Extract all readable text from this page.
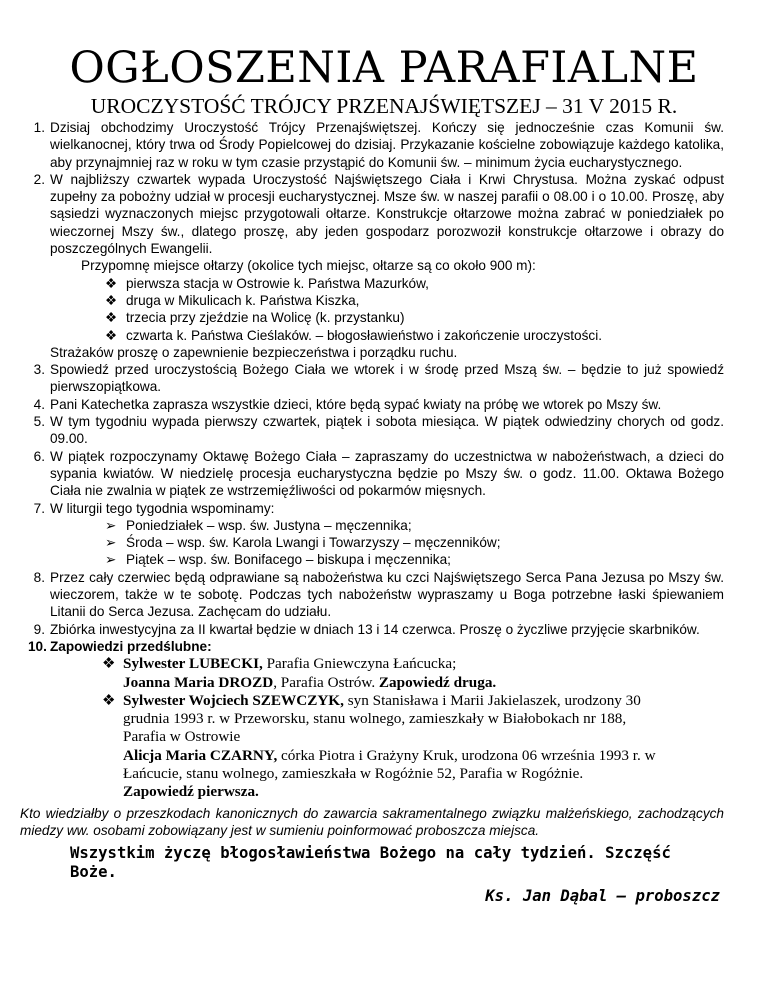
OGŁOSZENIA PARAFIALNE
UROCZYSTOŚĆ TRÓJCY PRZENAJŚWIĘTSZEJ – 31 V 2015 R.
1. Dzisiaj obchodzimy Uroczystość Trójcy Przenajświętszej. Kończy się jednocześnie czas Komunii św. wielkanocnej, który trwa od Środy Popielcowej do dzisiaj. Przykazanie kościelne zobowiązuje każdego katolika, aby przynajmniej raz w roku w tym czasie przystąpić do Komunii św. – minimum życia eucharystycznego.
2. W najbliższy czwartek wypada Uroczystość Najświętszego Ciała i Krwi Chrystusa. Można zyskać odpust zupełny za pobożny udział w procesji eucharystycznej. Msze św. w naszej parafii o 08.00 i o 10.00. Proszę, aby sąsiedzi wyznaczonych miejsc przygotowali ołtarze. Konstrukcje ołtarzowe można zabrać w poniedziałek po wieczornej Mszy św., dlatego proszę, aby jeden gospodarz porozwoził konstrukcje ołtarzowe i obrazy do poszczególnych Ewangelii.
Przypomnę miejsce ołtarzy (okolice tych miejsc, ołtarze są co około 900 m):
❖ pierwsza stacja w Ostrowie k. Państwa Mazurków,
❖ druga w Mikulicach k. Państwa Kiszka,
❖ trzecia przy zjeździe na Wolicę (k. przystanku)
❖ czwarta k. Państwa Cieślaków. – błogosławieństwo i zakończenie uroczystości.
Strażaków proszę o zapewnienie bezpieczeństwa i porządku ruchu.
3. Spowiedź przed uroczystością Bożego Ciała we wtorek i w środę przed Mszą św. – będzie to już spowiedź pierwszopiątkowa.
4. Pani Katechetka zaprasza wszystkie dzieci, które będą sypać kwiaty na próbę we wtorek po Mszy św.
5. W tym tygodniu wypada pierwszy czwartek, piątek i sobota miesiąca. W piątek odwiedziny chorych od godz. 09.00.
6. W piątek rozpoczynamy Oktawę Bożego Ciała – zapraszamy do uczestnictwa w nabożeństwach, a dzieci do sypania kwiatów. W niedzielę procesja eucharystyczna będzie po Mszy św. o godz. 11.00. Oktawa Bożego Ciała nie zwalnia w piątek ze wstrzemięźliwości od pokarmów mięsnych.
7. W liturgii tego tygodnia wspominamy:
➢ Poniedziałek – wsp. św. Justyna – męczennika;
➢ Środa – wsp. św. Karola Lwangi i Towarzyszy – męczenników;
➢ Piątek – wsp. św. Bonifacego – biskupa i męczennika;
8. Przez cały czerwiec będą odprawiane są nabożeństwa ku czci Najświętszego Serca Pana Jezusa po Mszy św. wieczorem, także w te sobotę. Podczas tych nabożeństw wypraszamy u Boga potrzebne łaski śpiewaniem Litanii do Serca Jezusa. Zachęcam do udziału.
9. Zbiórka inwestycyjna za II kwartał będzie w dniach 13 i 14 czerwca. Proszę o życzliwe przyjęcie skarbników.
10. Zapowiedzi przedślubne:
❖ Sylwester LUBECKI, Parafia Gniewczyna Łańcucka;
Joanna Maria DROZD, Parafia Ostrów. Zapowiedź druga.
❖ Sylwester Wojciech SZEWCZYK, syn Stanisława i Marii Jakielaszek, urodzony 30
grudnia 1993 r. w Przeworsku, stanu wolnego, zamieszkały w Białobokach nr 188,
Parafia w Ostrowie
Alicja Maria CZARNY, córka Piotra i Grażyny Kruk, urodzona 06 września 1993 r. w
Łańcucie, stanu wolnego, zamieszkała w Rogóżnie 52, Parafia w Rogóżnie.
Zapowiedź pierwsza.
Kto wiedziałby o przeszkodach kanonicznych do zawarcia sakramentalnego związku małżeńskiego, zachodzących miedzy ww. osobami zobowiązany jest w sumieniu poinformować proboszcza miejsca.
Wszystkim życzę błogosławieństwa Bożego na cały tydzień. Szczęść Boże.
Ks. Jan Dąbal – proboszcz
